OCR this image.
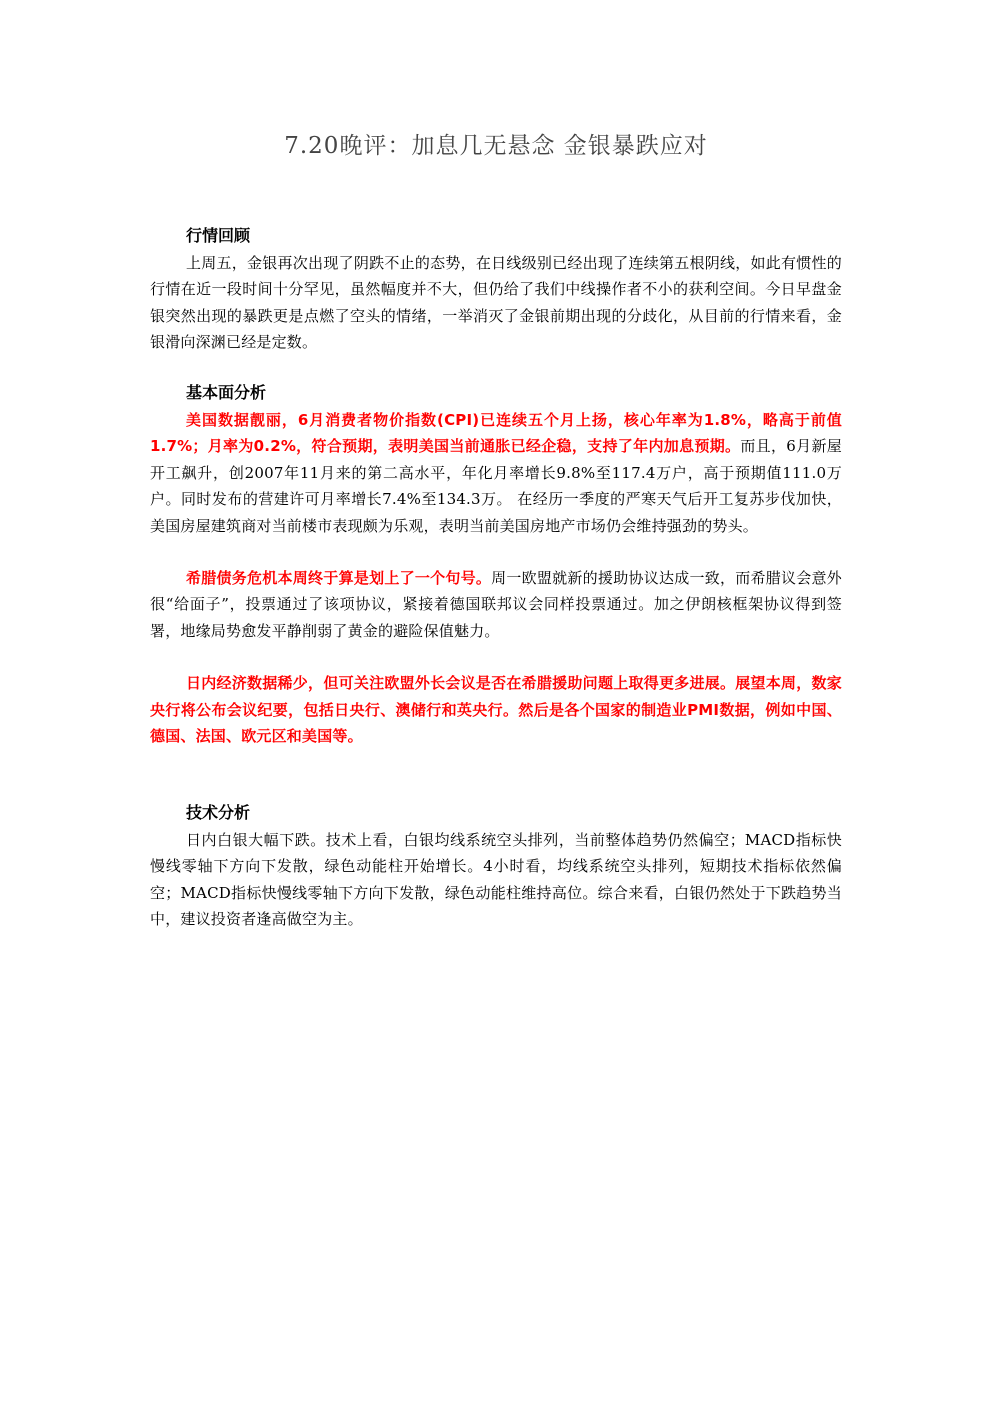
7.20晚评：加息几无悬念 金银暴跌应对

行情回顾

上周五，金银再次出现了阴跌不止的态势，在日线级别已经出现了连续第五根阴线，如此有惯性的行情在近一段时间十分罕见，虽然幅度并不大，但仍给了我们中线操作者不小的获利空间。今日早盘金银突然出现的暴跌更是点燃了空头的情绪，一举消灭了金银前期出现的分歧化，从目前的行情来看，金银滑向深渊已经是定数。

基本面分析

美国数据靓丽，6月消费者物价指数(CPI)已连续五个月上扬，核心年率为1.8%，略高于前值1.7%；月率为0.2%，符合预期，表明美国当前通胀已经企稳，支持了年内加息预期。而且，6月新屋开工飙升，创2007年11月来的第二高水平，年化月率增长9.8%至117.4万户，高于预期值111.0万户。同时发布的营建许可月率增长7.4%至134.3万。 在经历一季度的严寒天气后开工复苏步伐加快，美国房屋建筑商对当前楼市表现颇为乐观，表明当前美国房地产市场仍会维持强劲的势头。

希腊债务危机本周终于算是划上了一个句号。周一欧盟就新的援助协议达成一致，而希腊议会意外很“给面子”，投票通过了该项协议，紧接着德国联邦议会同样投票通过。加之伊朗核框架协议得到签署，地缘局势愈发平静削弱了黄金的避险保值魅力。

日内经济数据稀少，但可关注欧盟外长会议是否在希腊援助问题上取得更多进展。展望本周，数家央行将公布会议纪要，包括日央行、澳储行和英央行。然后是各个国家的制造业PMI数据，例如中国、德国、法国、欧元区和美国等。

技术分析

日内白银大幅下跌。技术上看，白银均线系统空头排列，当前整体趋势仍然偏空；MACD指标快慢线零轴下方向下发散，绿色动能柱开始增长。4小时看，均线系统空头排列，短期技术指标依然偏空；MACD指标快慢线零轴下方向下发散，绿色动能柱维持高位。综合来看，白银仍然处于下跌趋势当中，建议投资者逢高做空为主。
